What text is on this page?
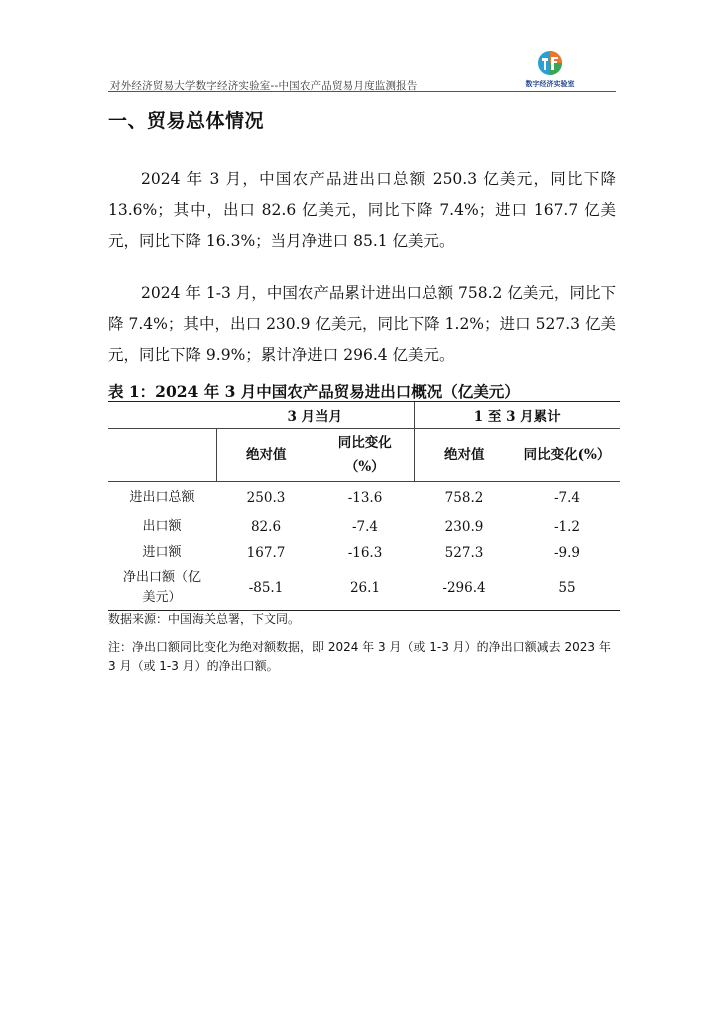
对外经济贸易大学数字经济实验室--中国农产品贸易月度监测报告	数字经济实验室
一、贸易总体情况

2024 年 3 月，中国农产品进出口总额 250.3 亿美元，同比下降 13.6%；其中，出口 82.6 亿美元，同比下降 7.4%；进口 167.7 亿美元，同比下降 16.3%；当月净进口 85.1 亿美元。

2024 年 1-3 月，中国农产品累计进出口总额 758.2 亿美元，同比下降 7.4%；其中，出口 230.9 亿美元，同比下降 1.2%；进口 527.3 亿美元，同比下降 9.9%；累计净进口 296.4 亿美元。

表 1：2024 年 3 月中国农产品贸易进出口概况（亿美元）
	3 月当月		1 至 3 月累计	
	绝对值	同比变化（%）	绝对值	同比变化(%）
进出口总额	250.3	-13.6	758.2	-7.4
出口额	82.6	-7.4	230.9	-1.2
进口额	167.7	-16.3	527.3	-9.9
净出口额（亿美元）	-85.1	26.1	-296.4	55
数据来源：中国海关总署，下文同。
注：净出口额同比变化为绝对额数据，即 2024 年 3 月（或 1-3 月）的净出口额减去 2023 年 3 月（或 1-3 月）的净出口额。
